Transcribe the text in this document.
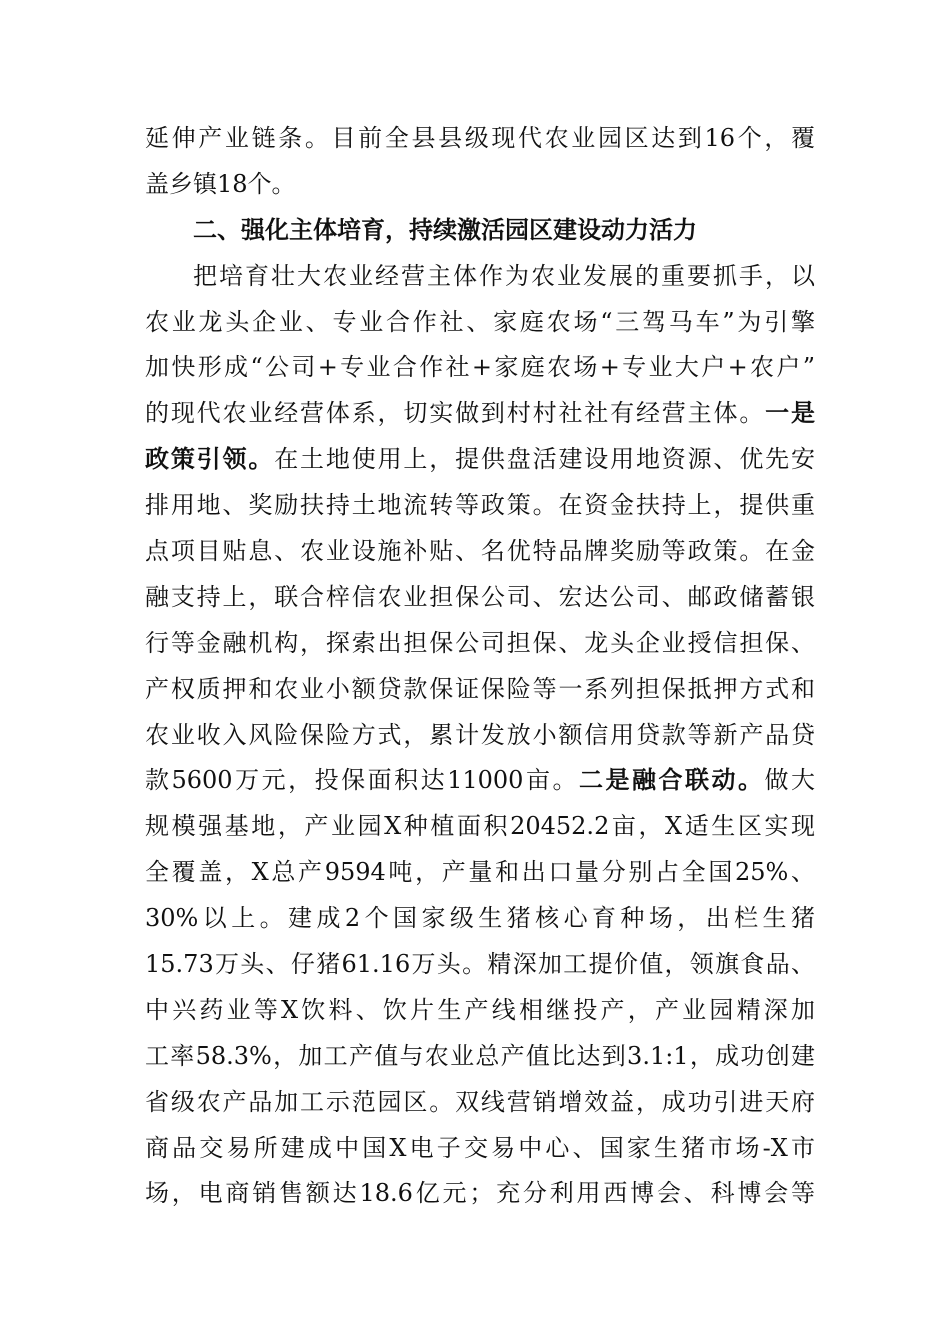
延伸产业链条。目前全县县级现代农业园区达到16个，覆
盖乡镇18个。
二、强化主体培育，持续激活园区建设动力活力
把培育壮大农业经营主体作为农业发展的重要抓手，以
农业龙头企业、专业合作社、家庭农场“三驾马车”为引擎
加快形成“公司+专业合作社+家庭农场+专业大户+农户”
的现代农业经营体系，切实做到村村社社有经营主体。一是
政策引领。在土地使用上，提供盘活建设用地资源、优先安
排用地、奖励扶持土地流转等政策。在资金扶持上，提供重
点项目贴息、农业设施补贴、名优特品牌奖励等政策。在金
融支持上，联合梓信农业担保公司、宏达公司、邮政储蓄银
行等金融机构，探索出担保公司担保、龙头企业授信担保、
产权质押和农业小额贷款保证保险等一系列担保抵押方式和
农业收入风险保险方式，累计发放小额信用贷款等新产品贷
款5600万元，投保面积达11000亩。二是融合联动。做大
规模强基地，产业园X种植面积20452.2亩，X适生区实现
全覆盖，X总产9594吨，产量和出口量分别占全国25%、
30%以上。建成2个国家级生猪核心育种场，出栏生猪
15.73万头、仔猪61.16万头。精深加工提价值，领旗食品、
中兴药业等X饮料、饮片生产线相继投产，产业园精深加
工率58.3%，加工产值与农业总产值比达到3.1:1，成功创建
省级农产品加工示范园区。双线营销增效益，成功引进天府
商品交易所建成中国X电子交易中心、国家生猪市场-X市
场，电商销售额达18.6亿元；充分利用西博会、科博会等
